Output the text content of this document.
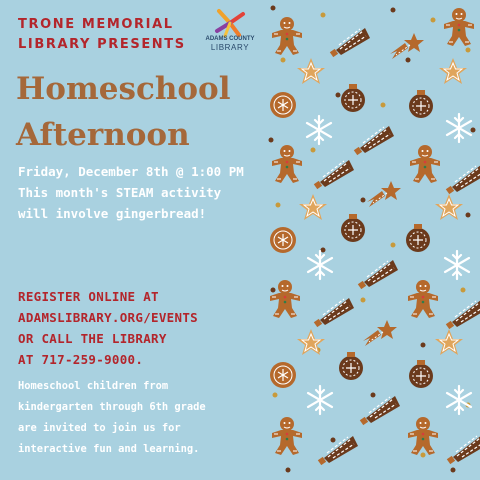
TRONE MEMORIAL
LIBRARY PRESENTS	ADAMS COUNTY
LIBRARY
Homeschool
Afternoon
Friday, December 8th @ 1:00 PM
This month's STEAM activity
will involve gingerbread!
REGISTER ONLINE AT
ADAMSLIBRARY.ORG/EVENTS
OR CALL THE LIBRARY
AT 717-259-9000.
Homeschool children from
kindergarten through 6th grade
are invited to join us for
interactive fun and learning.
